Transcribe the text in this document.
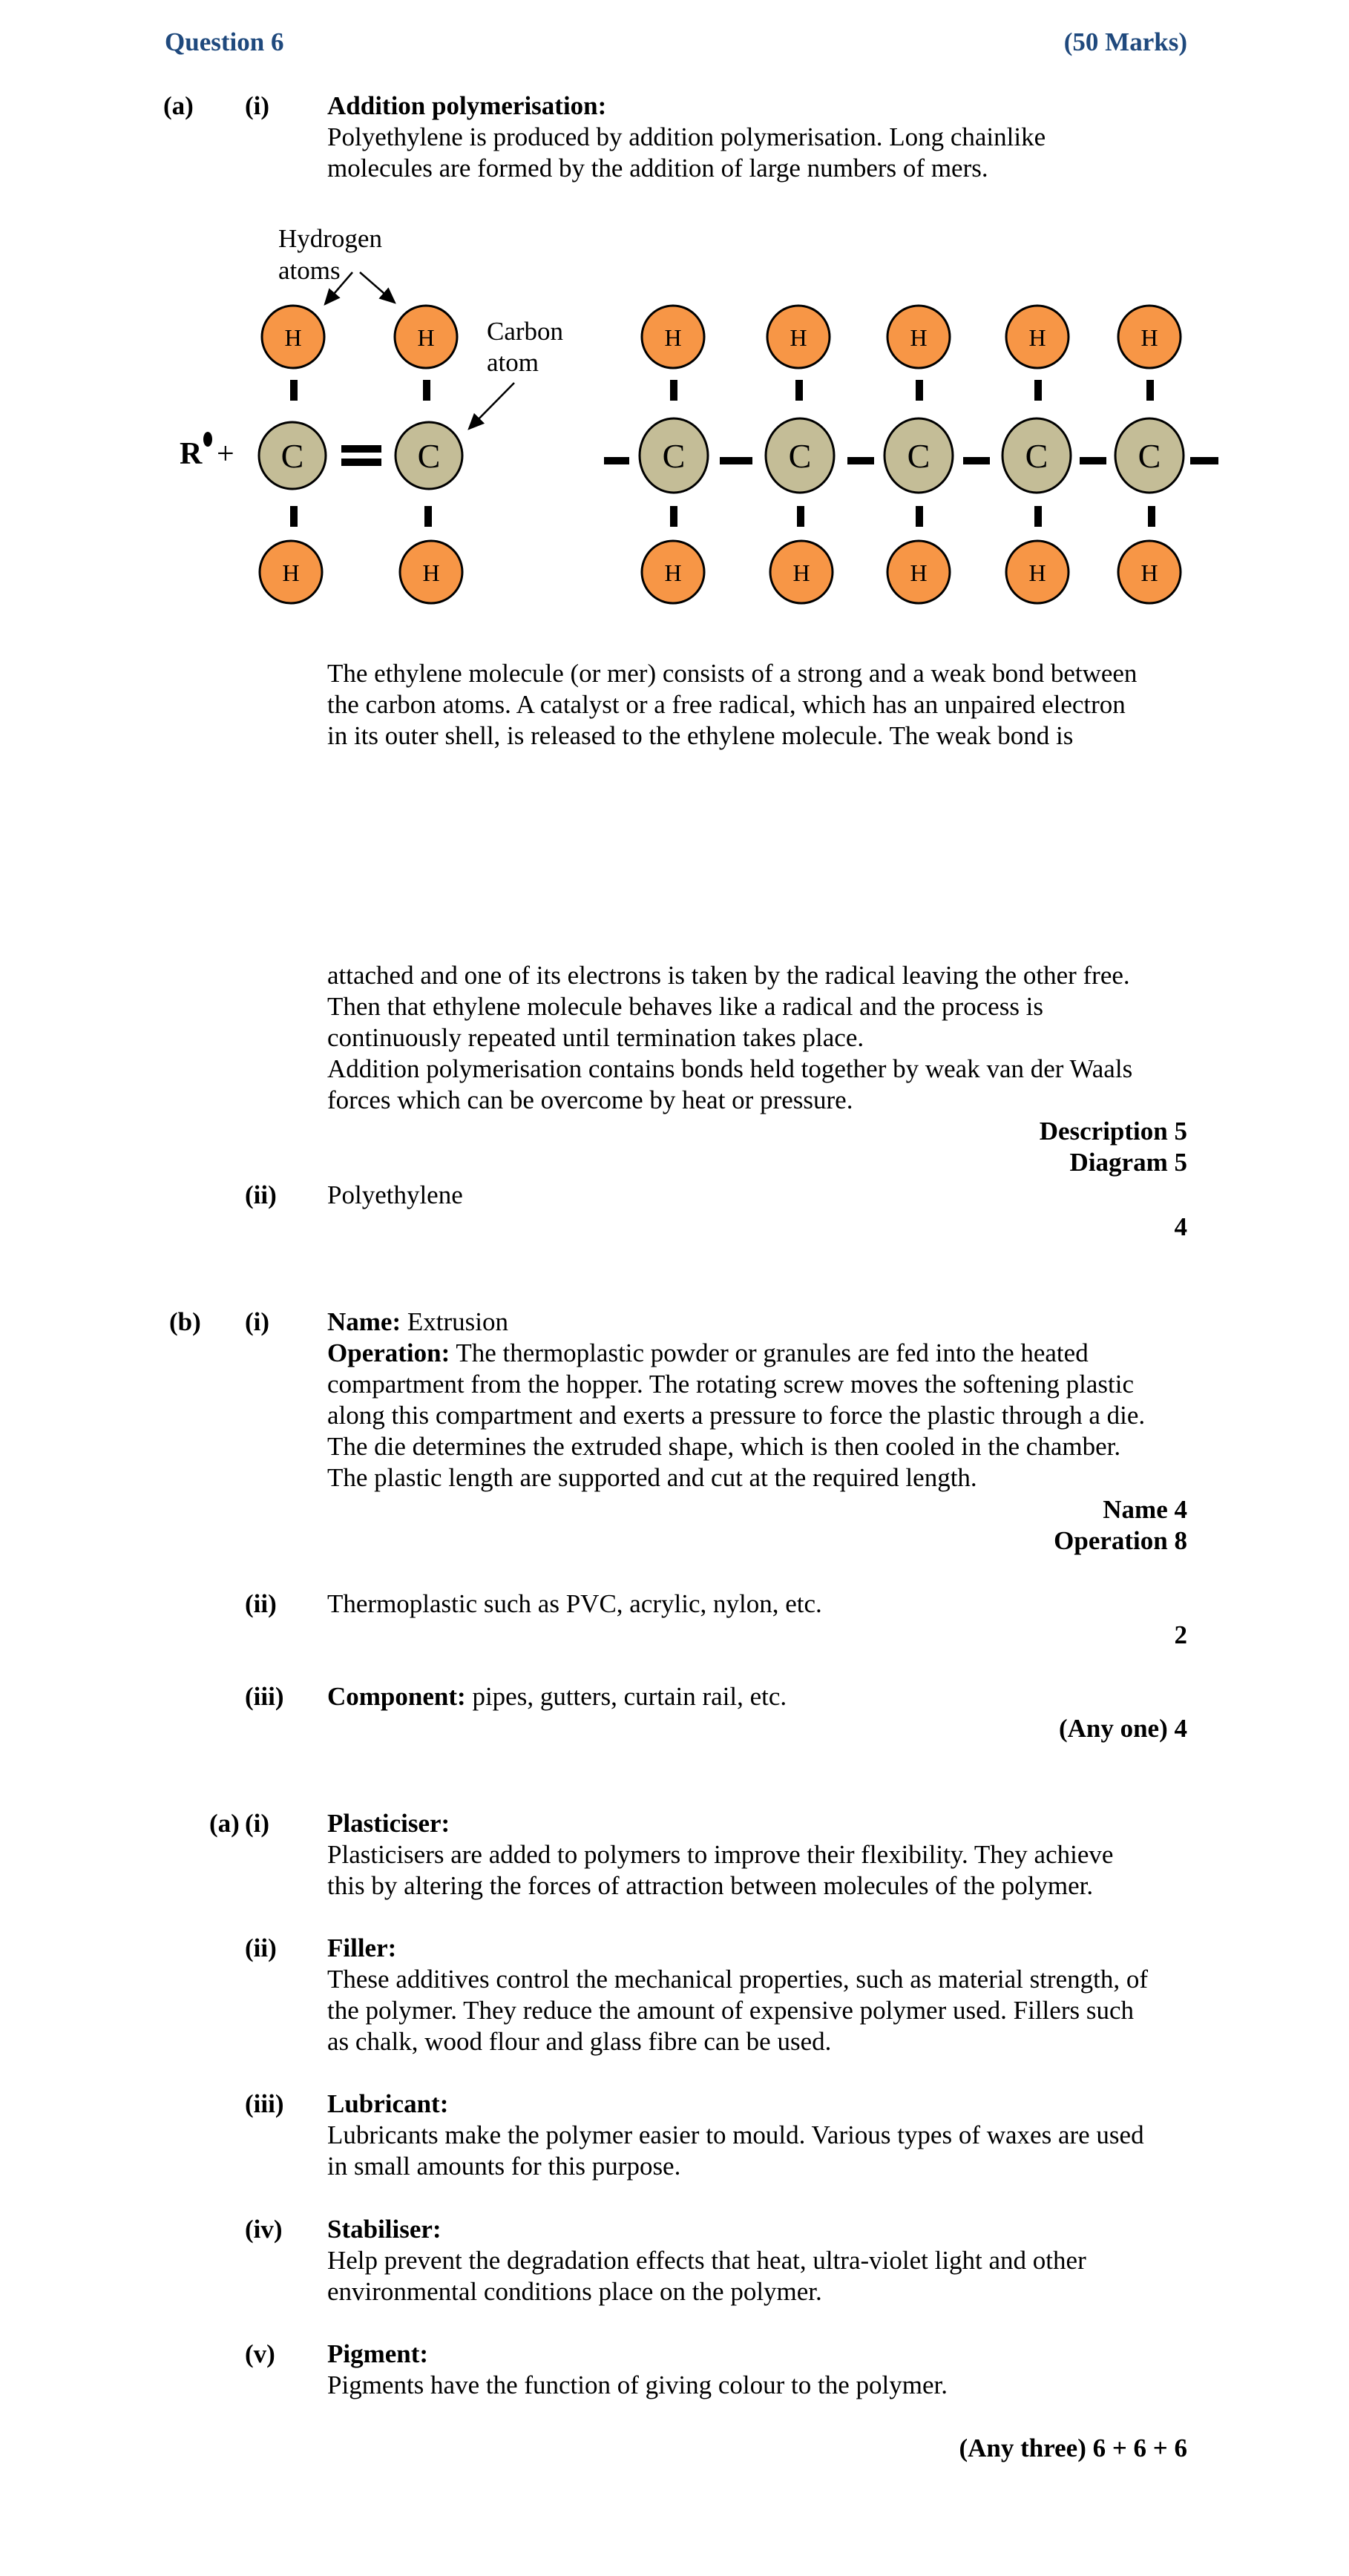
Question 6	(50 Marks)
(a) (i) Addition polymerisation:
Polyethylene is produced by addition polymerisation. Long chainlike
molecules are formed by the addition of large numbers of mers.
Hydrogen
atoms
Carbon
atom
R +
H	H
H	H
C	C
H	H	H	H	H
H	H	H	H	H
C	C	C	C	C
The ethylene molecule (or mer) consists of a strong and a weak bond between
the carbon atoms. A catalyst or a free radical, which has an unpaired electron
in its outer shell, is released to the ethylene molecule. The weak bond is
attached and one of its electrons is taken by the radical leaving the other free.
Then that ethylene molecule behaves like a radical and the process is
continuously repeated until termination takes place.
Addition polymerisation contains bonds held together by weak van der Waals
forces which can be overcome by heat or pressure.
Description 5
Diagram 5
(ii) Polyethylene
4
(b) (i) Name: Extrusion
Operation: The thermoplastic powder or granules are fed into the heated
compartment from the hopper. The rotating screw moves the softening plastic
along this compartment and exerts a pressure to force the plastic through a die.
The die determines the extruded shape, which is then cooled in the chamber.
The plastic length are supported and cut at the required length.
Name 4
Operation 8
(ii) Thermoplastic such as PVC, acrylic, nylon, etc.
2
(iii) Component: pipes, gutters, curtain rail, etc.
(Any one) 4
(a) (i) Plasticiser:
Plasticisers are added to polymers to improve their flexibility. They achieve
this by altering the forces of attraction between molecules of the polymer.
(ii) Filler:
These additives control the mechanical properties, such as material strength, of
the polymer. They reduce the amount of expensive polymer used. Fillers such
as chalk, wood flour and glass fibre can be used.
(iii) Lubricant:
Lubricants make the polymer easier to mould. Various types of waxes are used
in small amounts for this purpose.
(iv) Stabiliser:
Help prevent the degradation effects that heat, ultra-violet light and other
environmental conditions place on the polymer.
(v) Pigment:
Pigments have the function of giving colour to the polymer.
(Any three) 6 + 6 + 6
